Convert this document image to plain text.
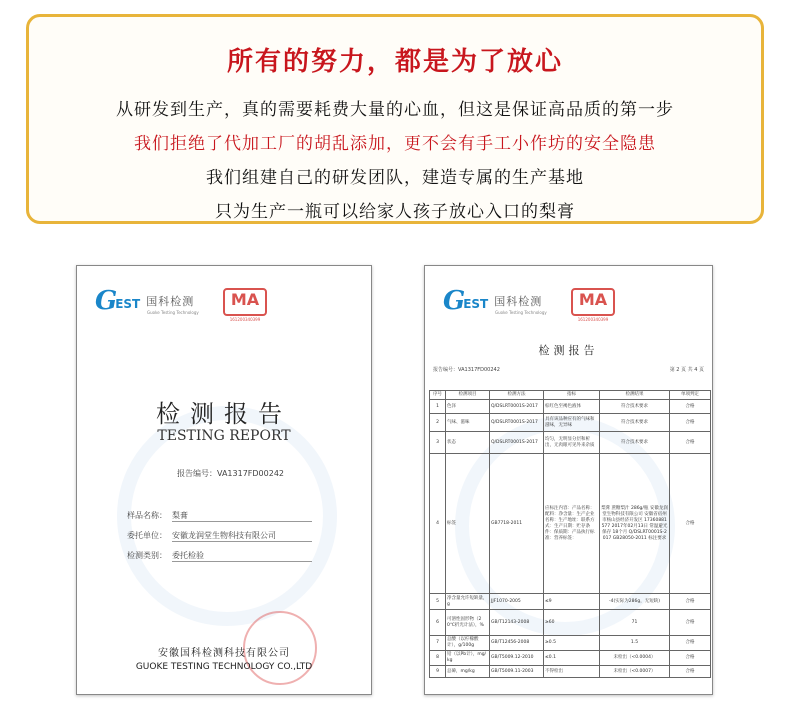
所有的努力，都是为了放心
从研发到生产，真的需要耗费大量的心血，但这是保证高品质的第一步
我们拒绝了代加工厂的胡乱添加，更不会有手工小作坊的安全隐患
我们组建自己的研发团队，建造专属的生产基地
只为生产一瓶可以给家人孩子放心入口的梨膏
G
EST 国科检测
Guoke Testing Technology
MA
161200340399
检测报告
TESTING REPORT
报告编号：VA1317FD00242
样品名称： 梨膏
委托单位： 安徽龙润堂生物科技有限公司
检测类别： 委托检验
安徽国科检测科技有限公司
GUOKE TESTING TECHNOLOGY CO.,LTD
G
EST 国科检测
Guoke Testing Technology
MA
161200340399
检测报告
报告编号：VA1317FD00242	第 2 页 共 4 页
序号	检测项目	检测方法	指标	检测结果	单项判定
1	色泽	Q/DSLRT0001S-2017	棕红色至褐色液体	符合技术要求	合格
2	气味、滋味	Q/DSLRT0001S-2017	具有该品种应有的气味和滋味，无异味	符合技术要求	合格
3	状态	Q/DSLRT0001S-2017	均匀，无明显分层和析出，无肉眼可见外来杂质	符合技术要求	合格
4	标签	GB7718-2011	应标注内容：产品名称：配料：净含量：生产企业名称：生产地址：联系方式：生产日期：贮存条件：保质期：产品执行标准：营养标签：	梨膏 蔗糖梨汁 286g/瓶 安徽龙润堂生物科技有限公司 安徽省宿州市杨山县经济开发区 17360881577 2017年02月13日 常温避光保存 18个月 Q/DSLRT0001S-2017 GB28050-2011 标注要求	合格
5	净含量允许短缺量，g	JJF1070-2005	≤9	-4(实际为286g，无短缺)	合格
6	可溶性固形物（20℃折光计法），%	GB/T12143-2008	≥60	71	合格
7	总酸（以柠檬酸计），g/100g	GB/T12456-2008	≥0.5	1.5	合格
8	铅（以Pb计），mg/kg	GB/T5009.12-2010	≤0.1	未检出（<0.0004）	合格
9	总砷，mg/kg	GB/T5009.11-2003	不得检出	未检出（<0.0007）	合格
